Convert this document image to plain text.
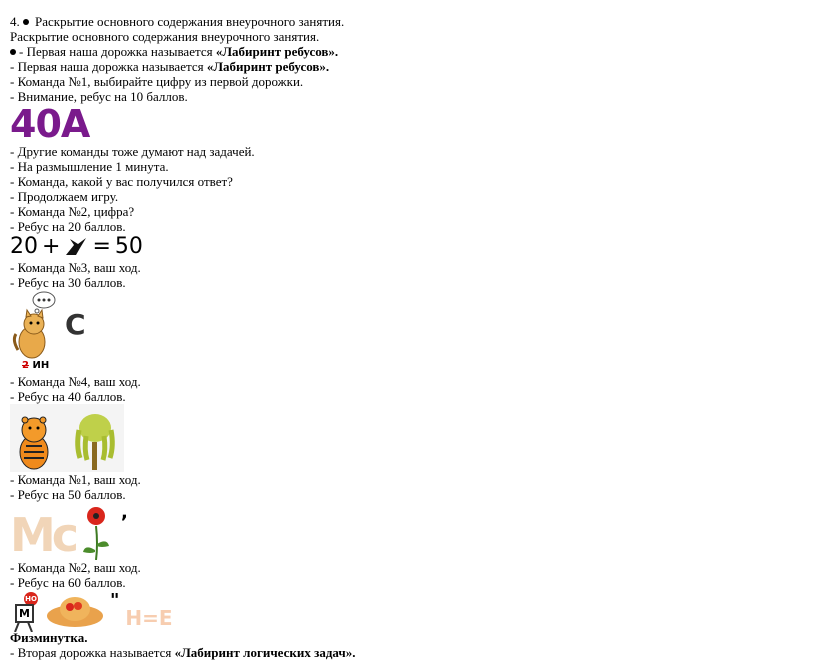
4. Раскрытие основного содержания внеурочного занятия.
Раскрытие основного содержания внеурочного занятия.
- Первая наша дорожка называется «Лабиринт ребусов».
- Первая наша дорожка называется «Лабиринт ребусов».
- Команда №1, выбирайте цифру из первой дорожки.
- Внимание, ребус на 10 баллов.
40А
- Другие команды тоже думают над задачей.
- На размышление 1 минута.
- Команда, какой у вас получился ответ?
- Продолжаем игру.
- Команда №2, цифра?
- Ребус на 20 баллов.
20 + = 50
- Команда №3, ваш ход.
- Ребус на 30 баллов.
С
2 ИН
- Команда №4, ваш ход.
- Ребус на 40 баллов.
- Команда №1, ваш ход.
- Ребус на 50 баллов.
Мс	,
- Команда №2, ваш ход.
- Ребус на 60 баллов.
НО
М
"
Н=Е
Физминутка.
- Вторая дорожка называется «Лабиринт логических задач».
